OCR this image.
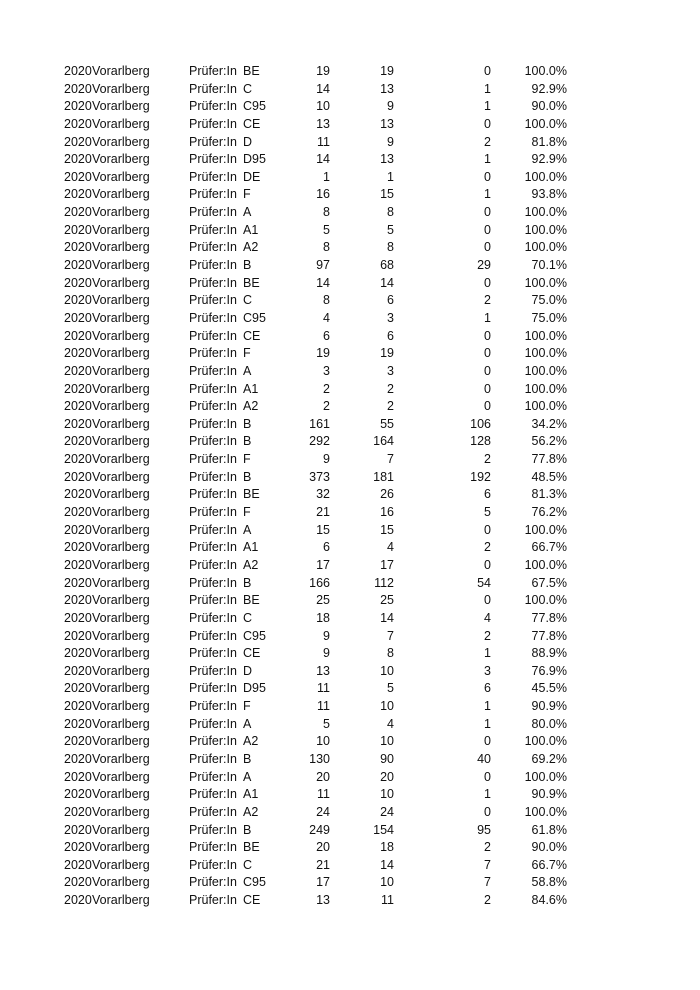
2020 Vorarlberg	Prüfer:In BE	19	19	0	100.0%
2020 Vorarlberg	Prüfer:In C	14	13	1	92.9%
2020 Vorarlberg	Prüfer:In C95	10	9	1	90.0%
2020 Vorarlberg	Prüfer:In CE	13	13	0	100.0%
2020 Vorarlberg	Prüfer:In D	11	9	2	81.8%
2020 Vorarlberg	Prüfer:In D95	14	13	1	92.9%
2020 Vorarlberg	Prüfer:In DE	1	1	0	100.0%
2020 Vorarlberg	Prüfer:In F	16	15	1	93.8%
2020 Vorarlberg	Prüfer:In A	8	8	0	100.0%
2020 Vorarlberg	Prüfer:In A1	5	5	0	100.0%
2020 Vorarlberg	Prüfer:In A2	8	8	0	100.0%
2020 Vorarlberg	Prüfer:In B	97	68	29	70.1%
2020 Vorarlberg	Prüfer:In BE	14	14	0	100.0%
2020 Vorarlberg	Prüfer:In C	8	6	2	75.0%
2020 Vorarlberg	Prüfer:In C95	4	3	1	75.0%
2020 Vorarlberg	Prüfer:In CE	6	6	0	100.0%
2020 Vorarlberg	Prüfer:In F	19	19	0	100.0%
2020 Vorarlberg	Prüfer:In A	3	3	0	100.0%
2020 Vorarlberg	Prüfer:In A1	2	2	0	100.0%
2020 Vorarlberg	Prüfer:In A2	2	2	0	100.0%
2020 Vorarlberg	Prüfer:In B	161	55	106	34.2%
2020 Vorarlberg	Prüfer:In B	292	164	128	56.2%
2020 Vorarlberg	Prüfer:In F	9	7	2	77.8%
2020 Vorarlberg	Prüfer:In B	373	181	192	48.5%
2020 Vorarlberg	Prüfer:In BE	32	26	6	81.3%
2020 Vorarlberg	Prüfer:In F	21	16	5	76.2%
2020 Vorarlberg	Prüfer:In A	15	15	0	100.0%
2020 Vorarlberg	Prüfer:In A1	6	4	2	66.7%
2020 Vorarlberg	Prüfer:In A2	17	17	0	100.0%
2020 Vorarlberg	Prüfer:In B	166	112	54	67.5%
2020 Vorarlberg	Prüfer:In BE	25	25	0	100.0%
2020 Vorarlberg	Prüfer:In C	18	14	4	77.8%
2020 Vorarlberg	Prüfer:In C95	9	7	2	77.8%
2020 Vorarlberg	Prüfer:In CE	9	8	1	88.9%
2020 Vorarlberg	Prüfer:In D	13	10	3	76.9%
2020 Vorarlberg	Prüfer:In D95	11	5	6	45.5%
2020 Vorarlberg	Prüfer:In F	11	10	1	90.9%
2020 Vorarlberg	Prüfer:In A	5	4	1	80.0%
2020 Vorarlberg	Prüfer:In A2	10	10	0	100.0%
2020 Vorarlberg	Prüfer:In B	130	90	40	69.2%
2020 Vorarlberg	Prüfer:In A	20	20	0	100.0%
2020 Vorarlberg	Prüfer:In A1	11	10	1	90.9%
2020 Vorarlberg	Prüfer:In A2	24	24	0	100.0%
2020 Vorarlberg	Prüfer:In B	249	154	95	61.8%
2020 Vorarlberg	Prüfer:In BE	20	18	2	90.0%
2020 Vorarlberg	Prüfer:In C	21	14	7	66.7%
2020 Vorarlberg	Prüfer:In C95	17	10	7	58.8%
2020 Vorarlberg	Prüfer:In CE	13	11	2	84.6%
